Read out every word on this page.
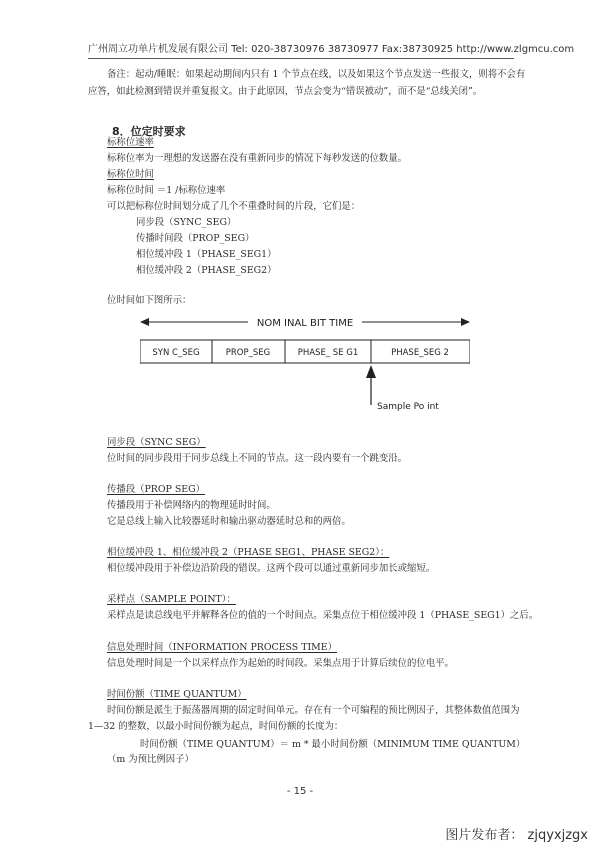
广州周立功单片机发展有限公司 Tel: 020-38730976 38730977 Fax:38730925 http://www.zlgmcu.com
备注：起动/睡眠：如果起动期间内只有 1 个节点在线，以及如果这个节点发送一些报文，则将不会有
应答，如此检测到错误并重复报文。由于此原因，节点会变为“错误被动”，而不是“总线关闭”。
8．位定时要求
标称位速率
标称位率为一理想的发送器在没有重新同步的情况下每秒发送的位数量。
标称位时间
标称位时间 ＝1 /标称位速率
可以把标称位时间划分成了几个不重叠时间的片段，它们是：
同步段（SYNC_SEG）
传播时间段（PROP_SEG）
相位缓冲段 1（PHASE_SEG1）
相位缓冲段 2（PHASE_SEG2）
位时间如下图所示：
NOM INAL BIT TIME
SYN C_SEG	PROP_SEG	PHASE_ SE G1	PHASE_SEG 2
Sample Po int
同步段（SYNC SEG）
位时间的同步段用于同步总线上不同的节点。这一段内要有一个跳变沿。
传播段（PROP SEG）
传播段用于补偿网络内的物理延时时间。
它是总线上输入比较器延时和输出驱动器延时总和的两倍。
相位缓冲段 1、相位缓冲段 2（PHASE SEG1、PHASE SEG2）：
相位缓冲段用于补偿边沿阶段的错误。这两个段可以通过重新同步加长或缩短。
采样点（SAMPLE POINT）：
采样点是读总线电平并解释各位的值的一个时间点。采集点位于相位缓冲段 1（PHASE_SEG1）之后。
信息处理时间（INFORMATION PROCESS TIME）
信息处理时间是一个以采样点作为起始的时间段。采集点用于计算后续位的位电平。
时间份额（TIME QUANTUM）
时间份额是派生于振荡器周期的固定时间单元。存在有一个可编程的预比例因子，其整体数值范围为
1—32 的整数，以最小时间份额为起点，时间份额的长度为：
时间份额（TIME QUANTUM）＝ m * 最小时间份额（MINIMUM TIME QUANTUM）
（m 为预比例因子）
- 15 -
图片发布者： zjqyxjzgx
